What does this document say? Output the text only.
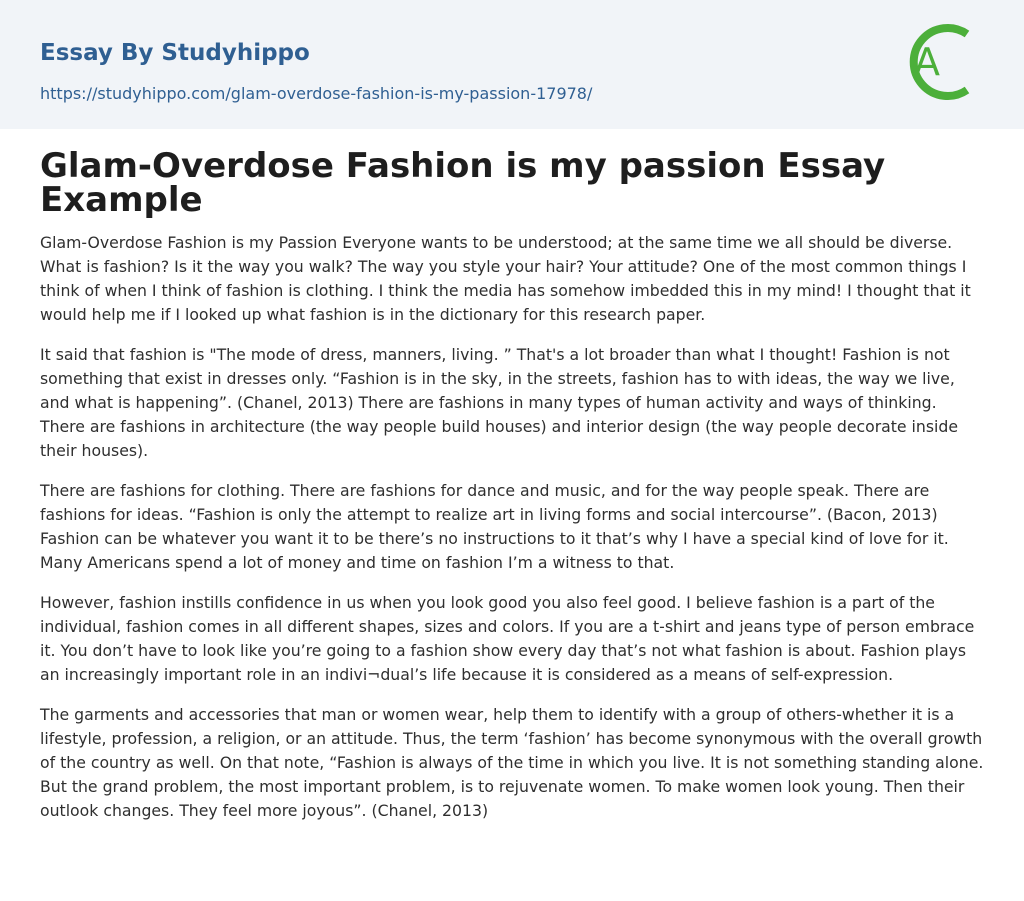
Essay By Studyhippo
https://studyhippo.com/glam-overdose-fashion-is-my-passion-17978/
A
Glam-Overdose Fashion is my passion Essay Example

Glam-Overdose Fashion is my Passion Everyone wants to be understood; at the same time we all should be diverse. What is fashion? Is it the way you walk? The way you style your hair? Your attitude? One of the most common things I think of when I think of fashion is clothing. I think the media has somehow imbedded this in my mind! I thought that it would help me if I looked up what fashion is in the dictionary for this research paper.

It said that fashion is "The mode of dress, manners, living. ” That's a lot broader than what I thought! Fashion is not something that exist in dresses only. “Fashion is in the sky, in the streets, fashion has to with ideas, the way we live, and what is happening”. (Chanel, 2013) There are fashions in many types of human activity and ways of thinking. There are fashions in architecture (the way people build houses) and interior design (the way people decorate inside their houses).

There are fashions for clothing. There are fashions for dance and music, and for the way people speak. There are fashions for ideas. “Fashion is only the attempt to realize art in living forms and social intercourse”. (Bacon, 2013) Fashion can be whatever you want it to be there’s no instructions to it that’s why I have a special kind of love for it. Many Americans spend a lot of money and time on fashion I’m a witness to that.

However, fashion instills confidence in us when you look good you also feel good. I believe fashion is a part of the individual, fashion comes in all different shapes, sizes and colors. If you are a t-shirt and jeans type of person embrace it. You don’t have to look like you’re going to a fashion show every day that’s not what fashion is about. Fashion plays an increasingly important role in an indivi¬dual’s life because it is considered as a means of self-expression.

The garments and accessories that man or women wear, help them to identify with a group of others-whether it is a lifestyle, profession, a religion, or an attitude. Thus, the term ‘fashion’ has become synonymous with the overall growth of the country as well. On that note, “Fashion is always of the time in which you live. It is not something standing alone. But the grand problem, the most important problem, is to rejuvenate women. To make women look young. Then their outlook changes. They feel more joyous”. (Chanel, 2013)
